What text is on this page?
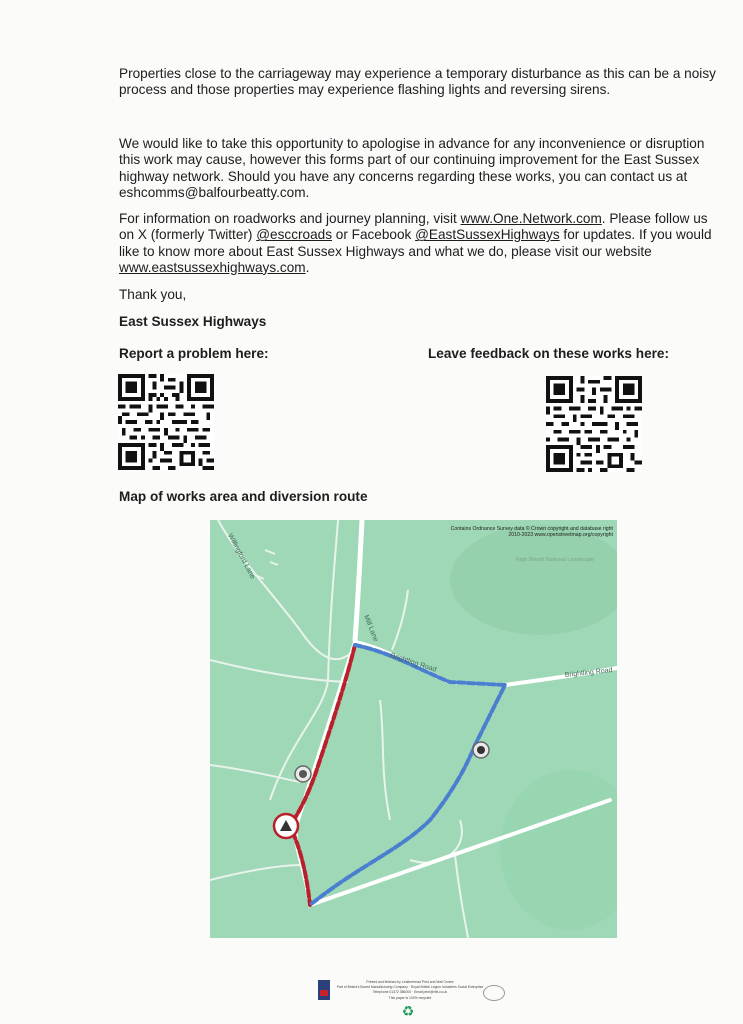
Properties close to the carriageway may experience a temporary disturbance as this can be a noisy process and those properties may experience flashing lights and reversing sirens.

We would like to take this opportunity to apologise in advance for any inconvenience or disruption this work may cause, however this forms part of our continuing improvement for the East Sussex highway network. Should you have any concerns regarding these works, you can contact us at eshcomms@balfourbeatty.com.

For information on roadworks and journey planning, visit www.One.Network.com. Please follow us on X (formerly Twitter) @esccroads or Facebook @EastSussexHighways for updates. If you would like to know more about East Sussex Highways and what we do, please visit our website www.eastsussexhighways.com.

Thank you,

East Sussex Highways

Report a problem here:	Leave feedback on these works here:

Map of works area and diversion route

Willingford Lane
Mill Lane
Brightling Road	Brightling Road
High Weald National Landscape
Contains Ordnance Survey data © Crown copyright and database right 2010-2023 www.openstreetmap.org/copyright
Printed and finished by Leatherhead Print and Mail Centre
Part of Bristol's Boxed Manufacturing Company · Royal British Legion Industries Social Enterprise
Telephone 01372 386000 · Email print@rbli.co.uk
This paper is 100% recycled
♻
